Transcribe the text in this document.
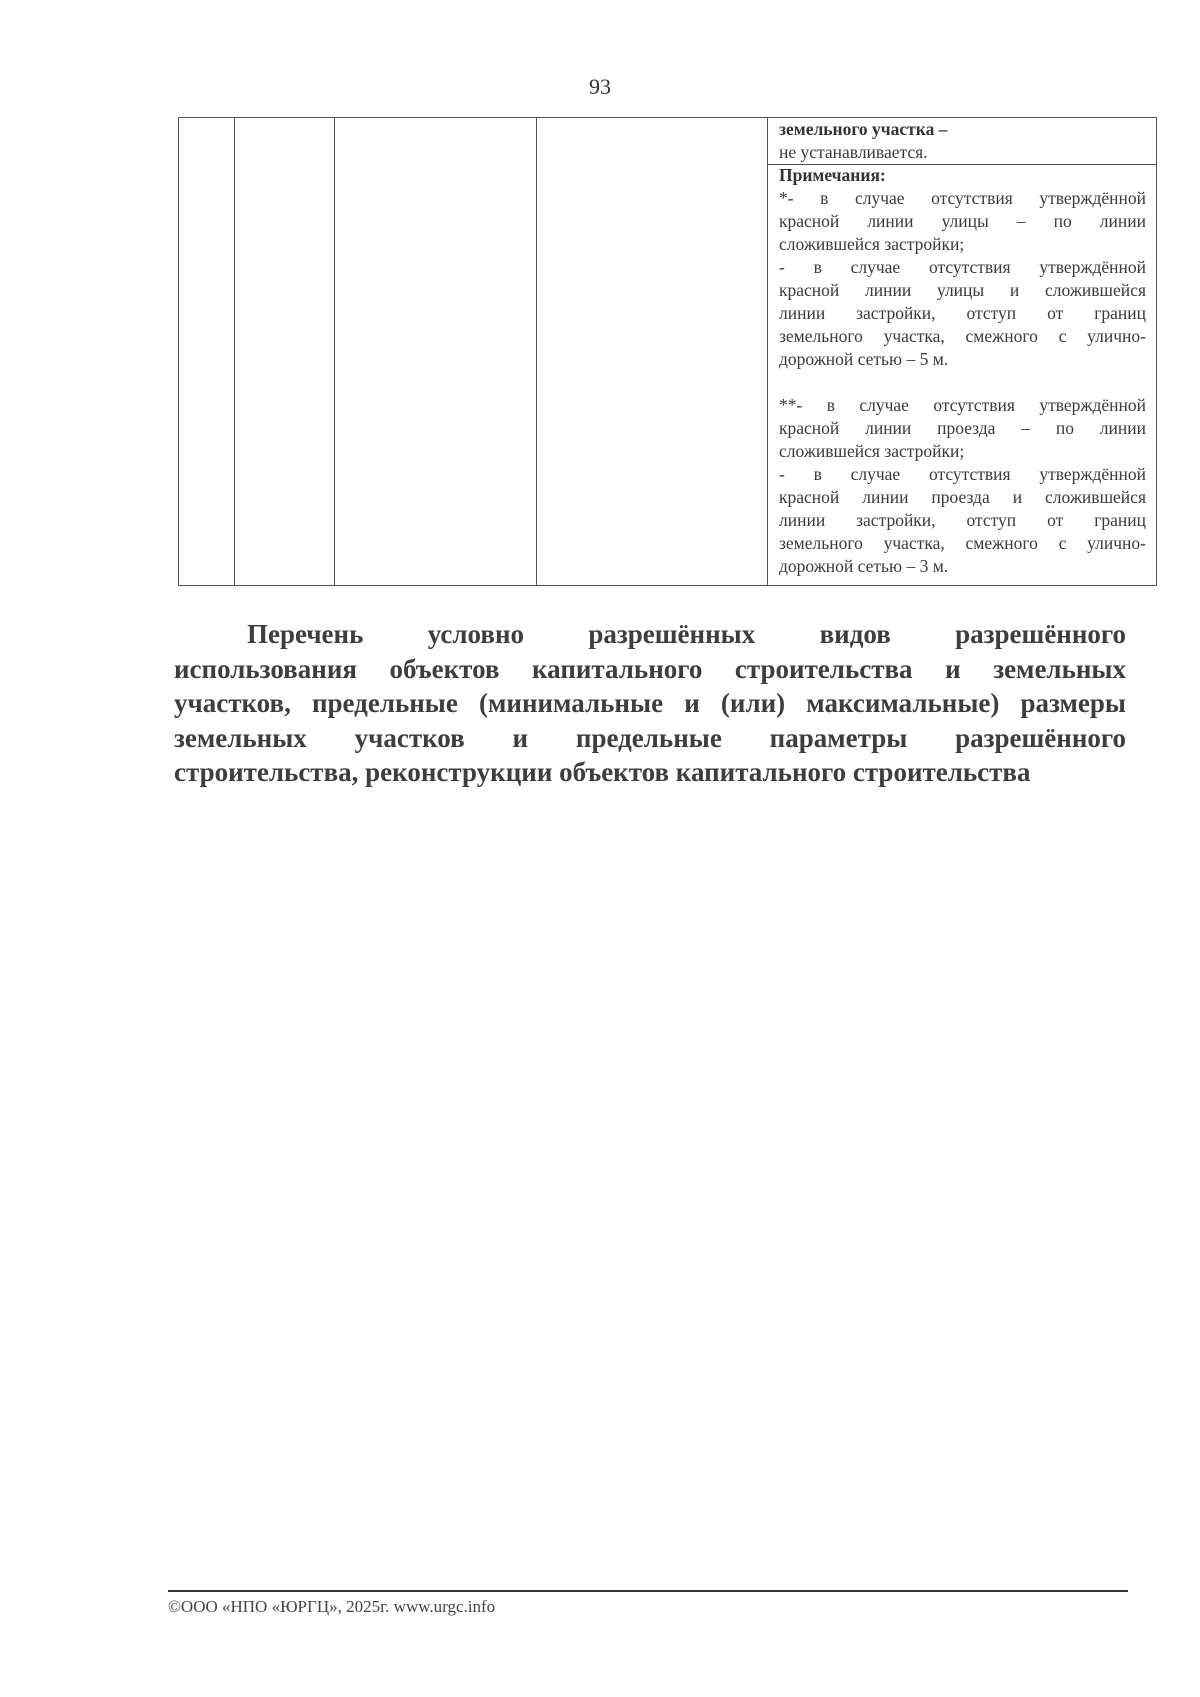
93

земельного участка –
не устанавливается.

Примечания:
*- в случае отсутствия утверждённой
красной линии улицы – по линии
сложившейся застройки;
- в случае отсутствия утверждённой
красной линии улицы и сложившейся
линии застройки, отступ от границ
земельного участка, смежного с улично-
дорожной сетью – 5 м.
**- в случае отсутствия утверждённой
красной линии проезда – по линии
сложившейся застройки;
- в случае отсутствия утверждённой
красной линии проезда и сложившейся
линии застройки, отступ от границ
земельного участка, смежного с улично-
дорожной сетью – 3 м.
Перечень условно разрешённых видов разрешённого
использования объектов капитального строительства и земельных
участков, предельные (минимальные и (или) максимальные) размеры
земельных участков и предельные параметры разрешённого
строительства, реконструкции объектов капитального строительства
©ООО «НПО «ЮРГЦ», 2025г. www.urgc.info
